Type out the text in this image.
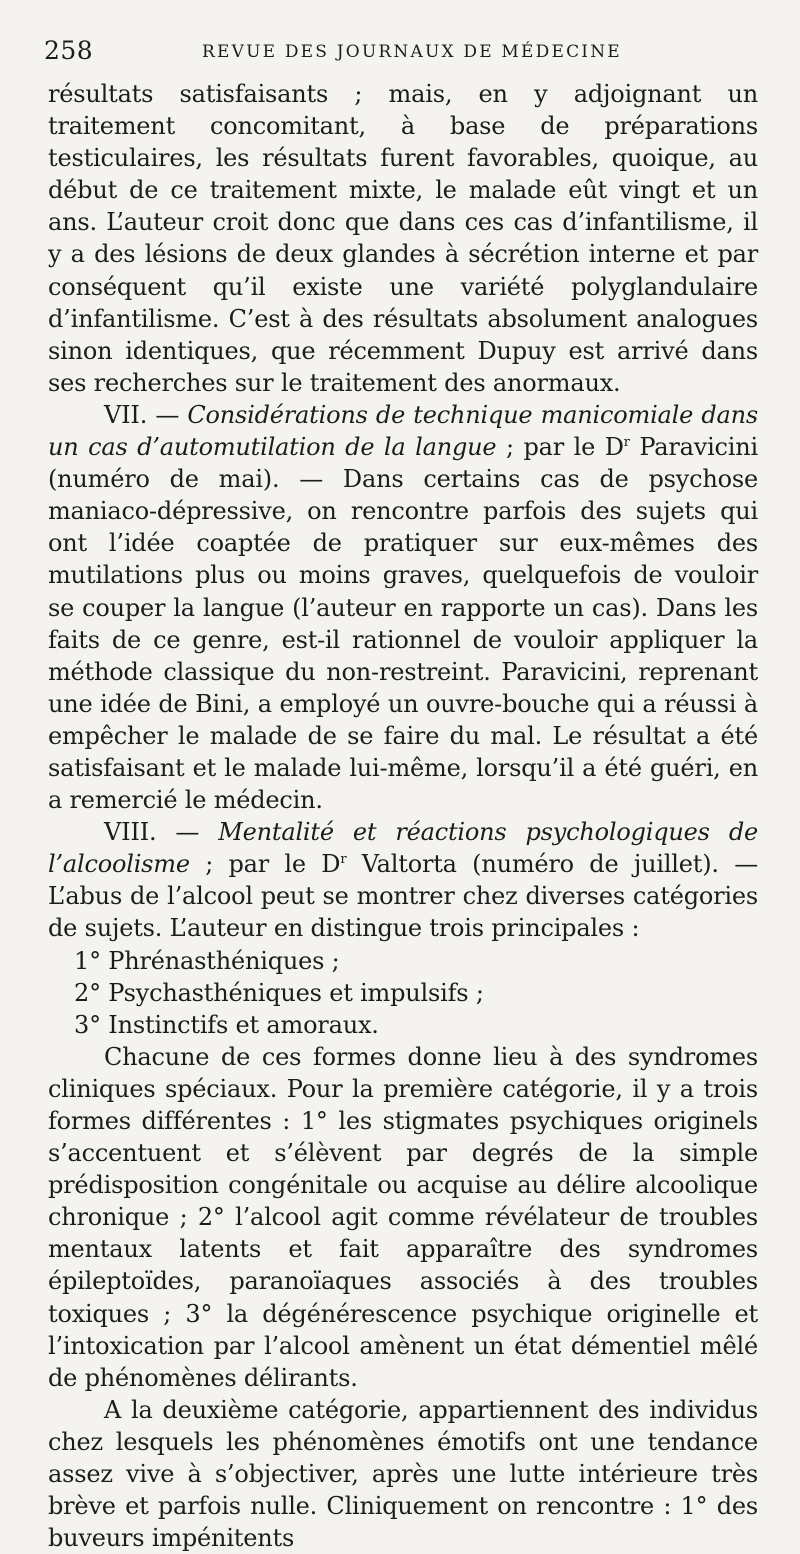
258	REVUE DES JOURNAUX DE MÉDECINE

résultats satisfaisants ; mais, en y adjoignant un traitement concomitant, à base de préparations testiculaires, les résultats furent favorables, quoique, au début de ce traitement mixte, le malade eût vingt et un ans. L’auteur croit donc que dans ces cas d’infantilisme, il y a des lésions de deux glandes à sécrétion interne et par conséquent qu’il existe une variété polyglandulaire d’infantilisme. C’est à des résultats absolument analogues sinon identiques, que récemment Dupuy est arrivé dans ses recherches sur le traitement des anormaux.

VII. — Considérations de technique manicomiale dans un cas d’automutilation de la langue ; par le $D^r$ Paravicini (numéro de mai). — Dans certains cas de psychose maniaco-dépressive, on rencontre parfois des sujets qui ont l’idée coaptée de pratiquer sur eux-mêmes des mutilations plus ou moins graves, quelquefois de vouloir se couper la langue (l’auteur en rapporte un cas). Dans les faits de ce genre, est-il rationnel de vouloir appliquer la méthode classique du non-restreint. Paravicini, reprenant une idée de Bini, a employé un ouvre-bouche qui a réussi à empêcher le malade de se faire du mal. Le résultat a été satisfaisant et le malade lui-même, lorsqu’il a été guéri, en a remercié le médecin.

VIII. — Mentalité et réactions psychologiques de l’alcoolisme ; par le $D^r$ Valtorta (numéro de juillet). — L’abus de l’alcool peut se montrer chez diverses catégories de sujets. L’auteur en distingue trois principales :

1° Phrénasthéniques ;

2° Psychasthéniques et impulsifs ;

3° Instinctifs et amoraux.

Chacune de ces formes donne lieu à des syndromes cliniques spéciaux. Pour la première catégorie, il y a trois formes différentes : 1° les stigmates psychiques originels s’accentuent et s’élèvent par degrés de la simple prédisposition congénitale ou acquise au délire alcoolique chronique ; 2° l’alcool agit comme révélateur de troubles mentaux latents et fait apparaître des syndromes épileptoïdes, paranoïaques associés à des troubles toxiques ; 3° la dégénérescence psychique originelle et l’intoxication par l’alcool amènent un état démentiel mêlé de phénomènes délirants.

A la deuxième catégorie, appartiennent des individus chez lesquels les phénomènes émotifs ont une tendance assez vive à s’objectiver, après une lutte intérieure très brève et parfois nulle. Cliniquement on rencontre : 1° des buveurs impénitents
